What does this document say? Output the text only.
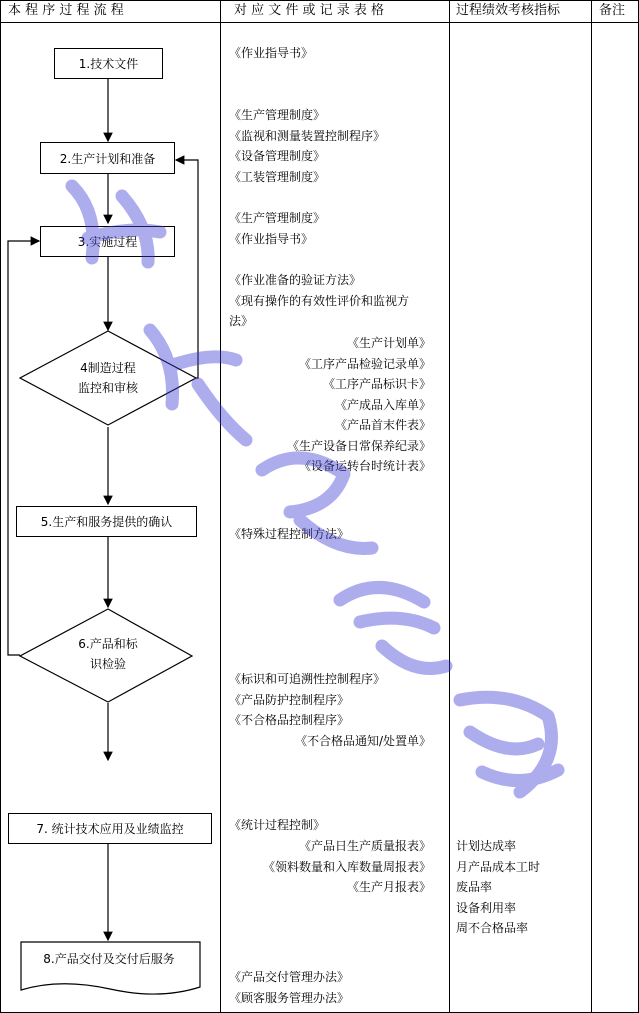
本 程 序 过 程 流 程	对 应 文 件 或 记 录 表 格	过程绩效考核指标	备注
1.技术文件
2.生产计划和准备
3.实施过程
4制造过程
监控和审核
5.生产和服务提供的确认
6.产品和标
识检验
7. 统计技术应用及业绩监控
8.产品交付及交付后服务
《作业指导书》
《生产管理制度》
《监视和测量装置控制程序》
《设备管理制度》
《工装管理制度》
《生产管理制度》
《作业指导书》
《作业准备的验证方法》
《现有操作的有效性评价和监视方
法》
《生产计划单》
《工序产品检验记录单》
《工序产品标识卡》
《产成品入库单》
《产品首末件表》
《生产设备日常保养纪录》
《设备运转台时统计表》
《特殊过程控制方法》
《标识和可追溯性控制程序》
《产品防护控制程序》
《不合格品控制程序》
《不合格品通知/处置单》
《统计过程控制》
《产品日生产质量报表》
《领料数量和入库数量周报表》
《生产月报表》
《产品交付管理办法》
《顾客服务管理办法》
计划达成率
月产品成本工时
废品率
设备利用率
周不合格品率
